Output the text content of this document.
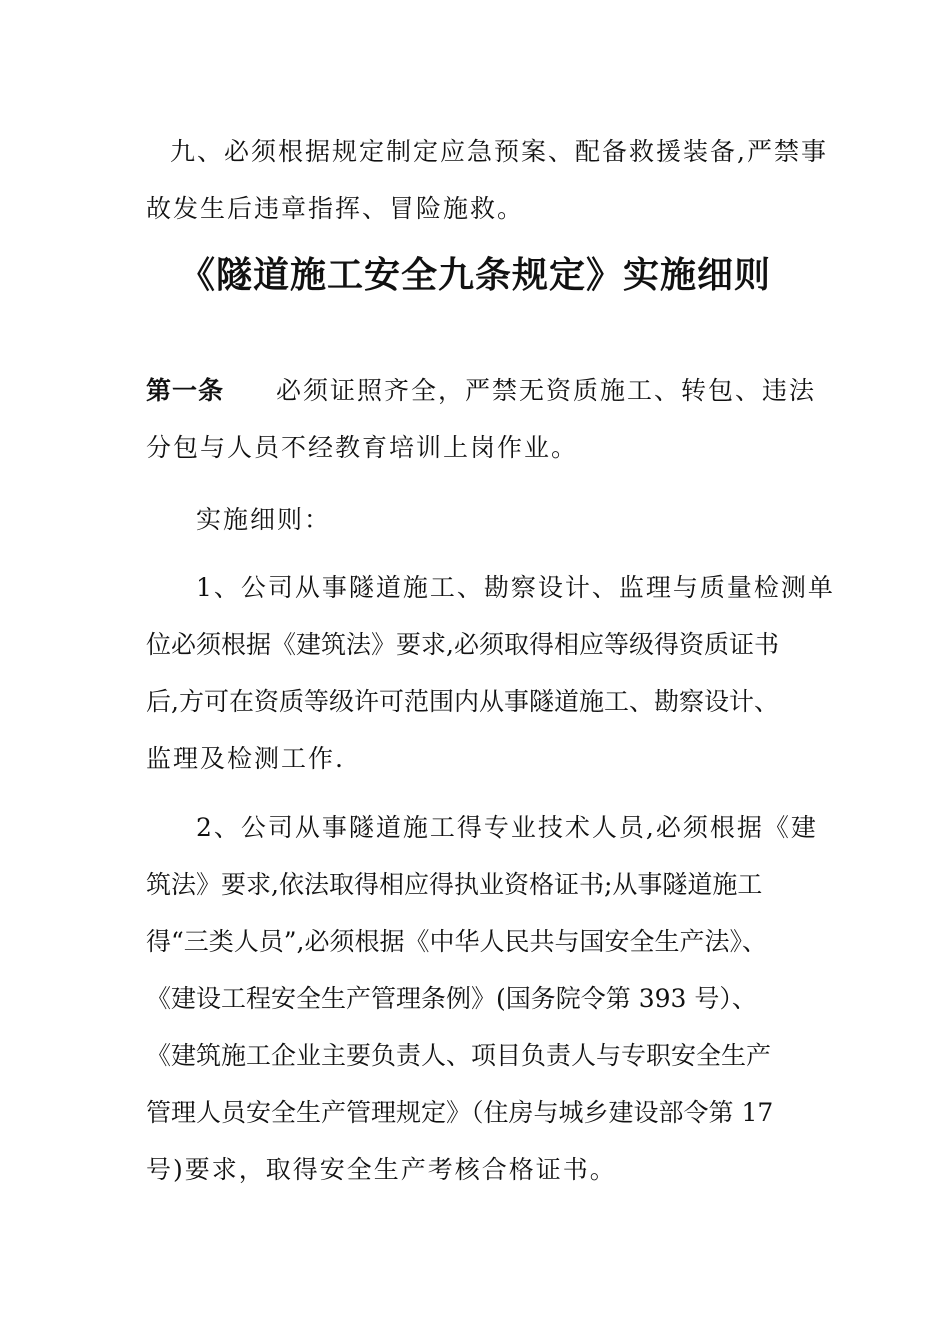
九、必须根据规定制定应急预案、配备救援装备,严禁事
故发生后违章指挥、冒险施救。
《隧道施工安全九条规定》实施细则
第一条 必须证照齐全，严禁无资质施工、转包、违法
分包与人员不经教育培训上岗作业。
实施细则：
1、公司从事隧道施工、勘察设计、监理与质量检测单
位必须根据《建筑法》要求,必须取得相应等级得资质证书
后,方可在资质等级许可范围内从事隧道施工、勘察设计、
监理及检测工作.
2、公司从事隧道施工得专业技术人员,必须根据《建
筑法》要求,依法取得相应得执业资格证书;从事隧道施工
得“三类人员”,必须根据《中华人民共与国安全生产法》、
《建设工程安全生产管理条例》(国务院令第 393 号）、
《建筑施工企业主要负责人、项目负责人与专职安全生产
管理人员安全生产管理规定》（住房与城乡建设部令第 17
号)要求，取得安全生产考核合格证书。
